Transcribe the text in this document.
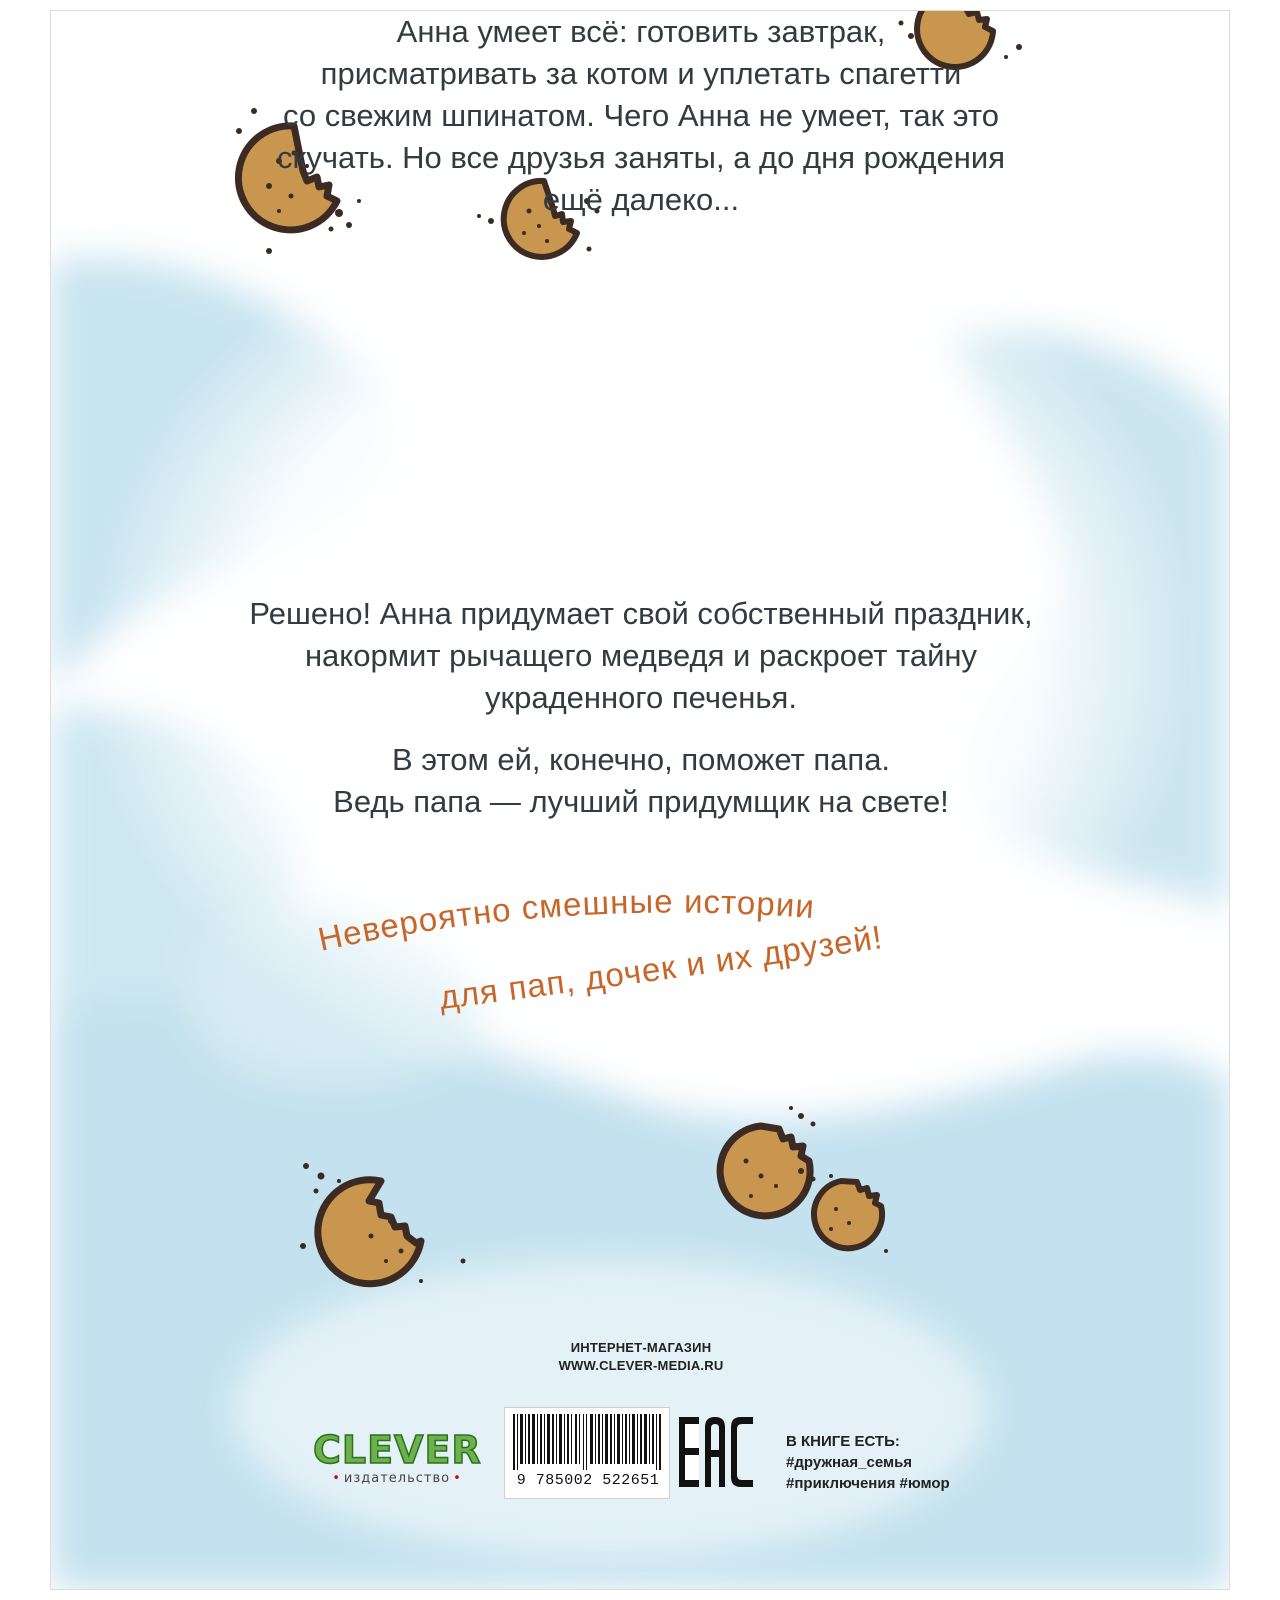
Анна умеет всё: готовить завтрак,
присматривать за котом и уплетать спагетти
со свежим шпинатом. Чего Анна не умеет, так это
скучать. Но все друзья заняты, а до дня рождения
ещё далеко...

Решено! Анна придумает свой собственный праздник,
накормит рычащего медведя и раскроет тайну
украденного печенья.

В этом ей, конечно, поможет папа.
Ведь папа — лучший придумщик на свете!

Невероятно смешные истории
для пап, дочек и их друзей!
ИНТЕРНЕТ-МАГАЗИН
WWW.CLEVER-MEDIA.RU
CLEVER
• издательство •	9 785002 522651
В КНИГЕ ЕСТЬ:
#дружная_семья
#приключения #юмор
